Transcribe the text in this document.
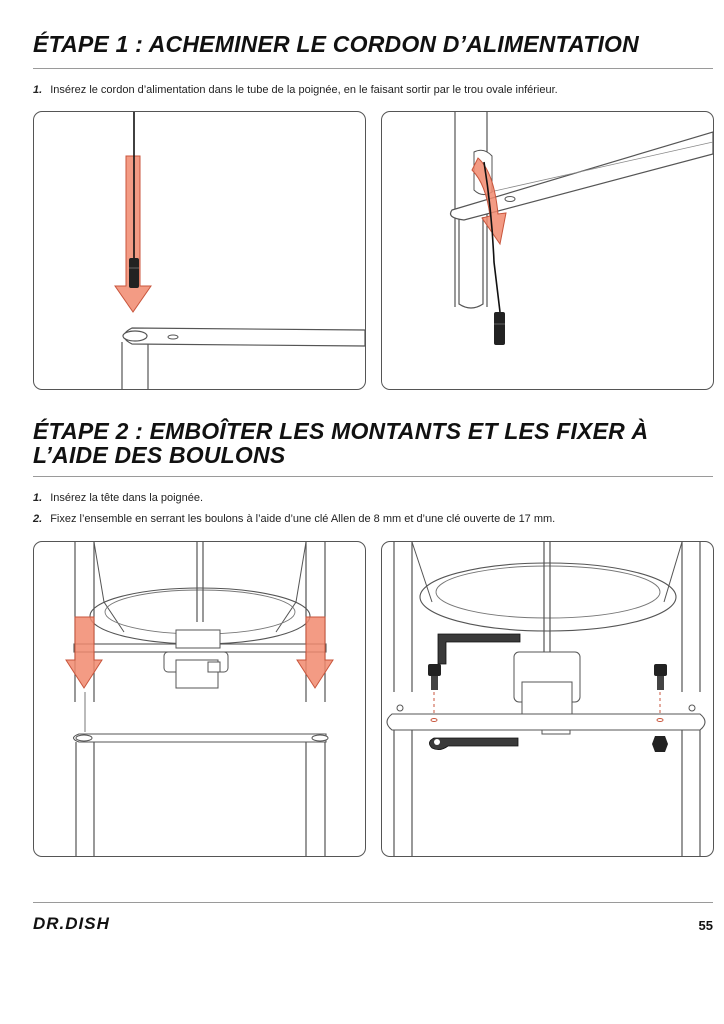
ÉTAPE 1 : ACHEMINER LE CORDON D’ALIMENTATION
1. Insérez le cordon d’alimentation dans le tube de la poignée, en le faisant sortir par le trou ovale inférieur.
ÉTAPE 2 : EMBOÎTER LES MONTANTS ET LES FIXER À
L’AIDE DES BOULONS
1. Insérez la tête dans la poignée.
2. Fixez l’ensemble en serrant les boulons à l’aide d’une clé Allen de 8 mm et d’une clé ouverte de 17 mm.
DR.DISH	55
